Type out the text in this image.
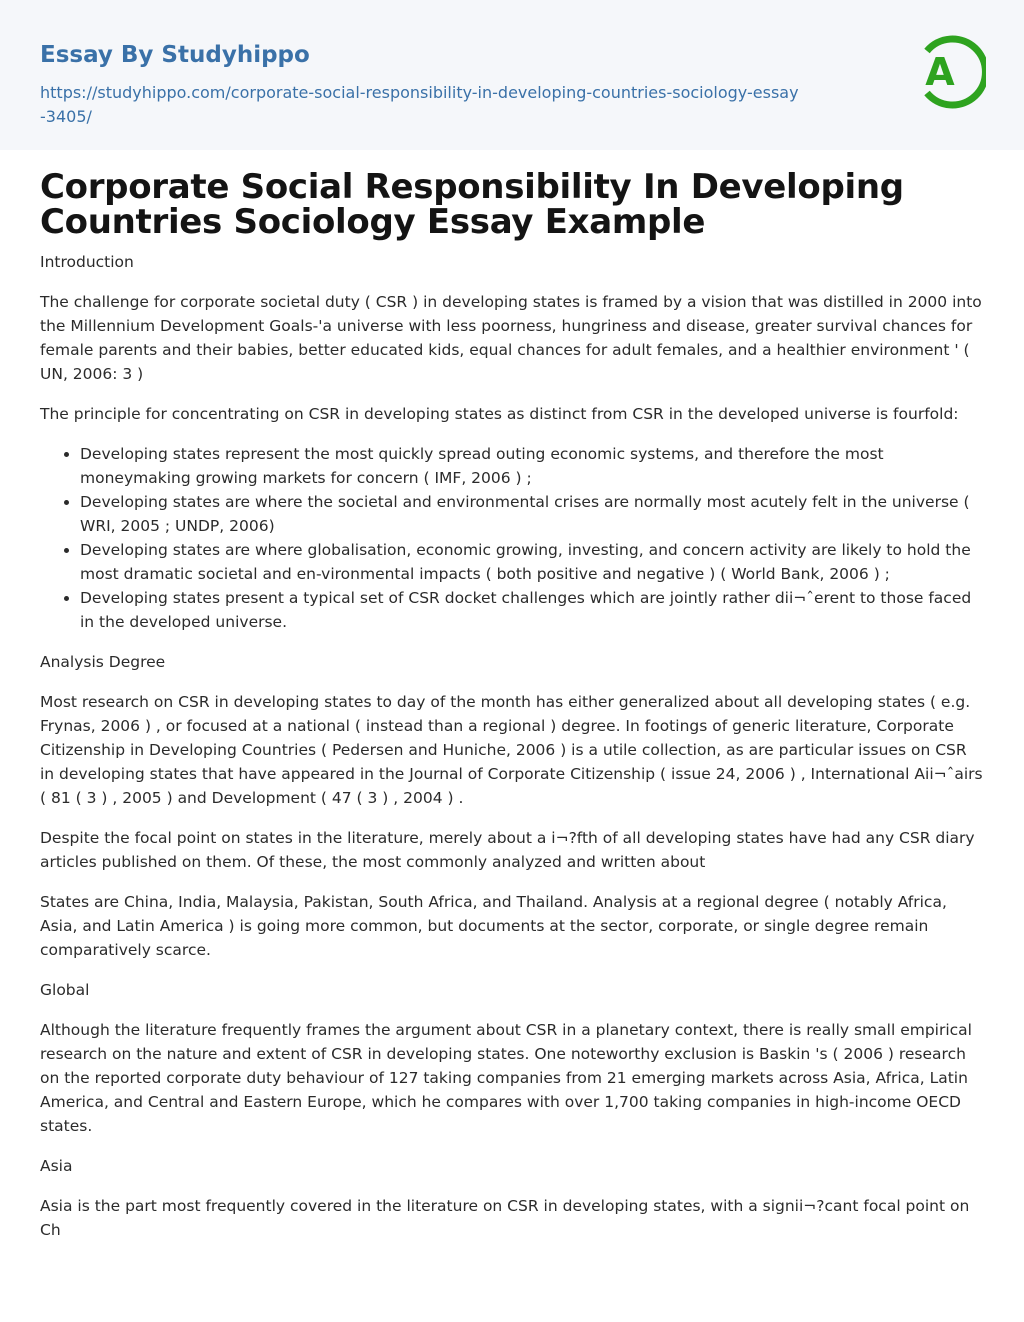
Essay By Studyhippo
https://studyhippo.com/corporate-social-responsibility-in-developing-countries-sociology-essay-3405/
A
Corporate Social Responsibility In Developing Countries Sociology Essay Example

Introduction

The challenge for corporate societal duty ( CSR ) in developing states is framed by a vision that was distilled in 2000 into the Millennium Development Goals-'a universe with less poorness, hungriness and disease, greater survival chances for female parents and their babies, better educated kids, equal chances for adult females, and a healthier environment ' ( UN, 2006: 3 )

The principle for concentrating on CSR in developing states as distinct from CSR in the developed universe is fourfold:

• Developing states represent the most quickly spread outing economic systems, and therefore the most moneymaking growing markets for concern ( IMF, 2006 ) ;
• Developing states are where the societal and environmental crises are normally most acutely felt in the universe ( WRI, 2005 ; UNDP, 2006)
• Developing states are where globalisation, economic growing, investing, and concern activity are likely to hold the most dramatic societal and en-vironmental impacts ( both positive and negative ) ( World Bank, 2006 ) ;
• Developing states present a typical set of CSR docket challenges which are jointly rather dii¬ˆerent to those faced in the developed universe.

Analysis Degree

Most research on CSR in developing states to day of the month has either generalized about all developing states ( e.g. Frynas, 2006 ) , or focused at a national ( instead than a regional ) degree. In footings of generic literature, Corporate Citizenship in Developing Countries ( Pedersen and Huniche, 2006 ) is a utile collection, as are particular issues on CSR in developing states that have appeared in the Journal of Corporate Citizenship ( issue 24, 2006 ) , International Aii¬ˆairs ( 81 ( 3 ) , 2005 ) and Development ( 47 ( 3 ) , 2004 ) .

Despite the focal point on states in the literature, merely about a i¬?fth of all developing states have had any CSR diary articles published on them. Of these, the most commonly analyzed and written about

States are China, India, Malaysia, Pakistan, South Africa, and Thailand. Analysis at a regional degree ( notably Africa, Asia, and Latin America ) is going more common, but documents at the sector, corporate, or single degree remain comparatively scarce.

Global

Although the literature frequently frames the argument about CSR in a planetary context, there is really small empirical research on the nature and extent of CSR in developing states. One noteworthy exclusion is Baskin 's ( 2006 ) research on the reported corporate duty behaviour of 127 taking companies from 21 emerging markets across Asia, Africa, Latin America, and Central and Eastern Europe, which he compares with over 1,700 taking companies in high-income OECD states.

Asia

Asia is the part most frequently covered in the literature on CSR in developing states, with a signii¬?cant focal point on Ch
